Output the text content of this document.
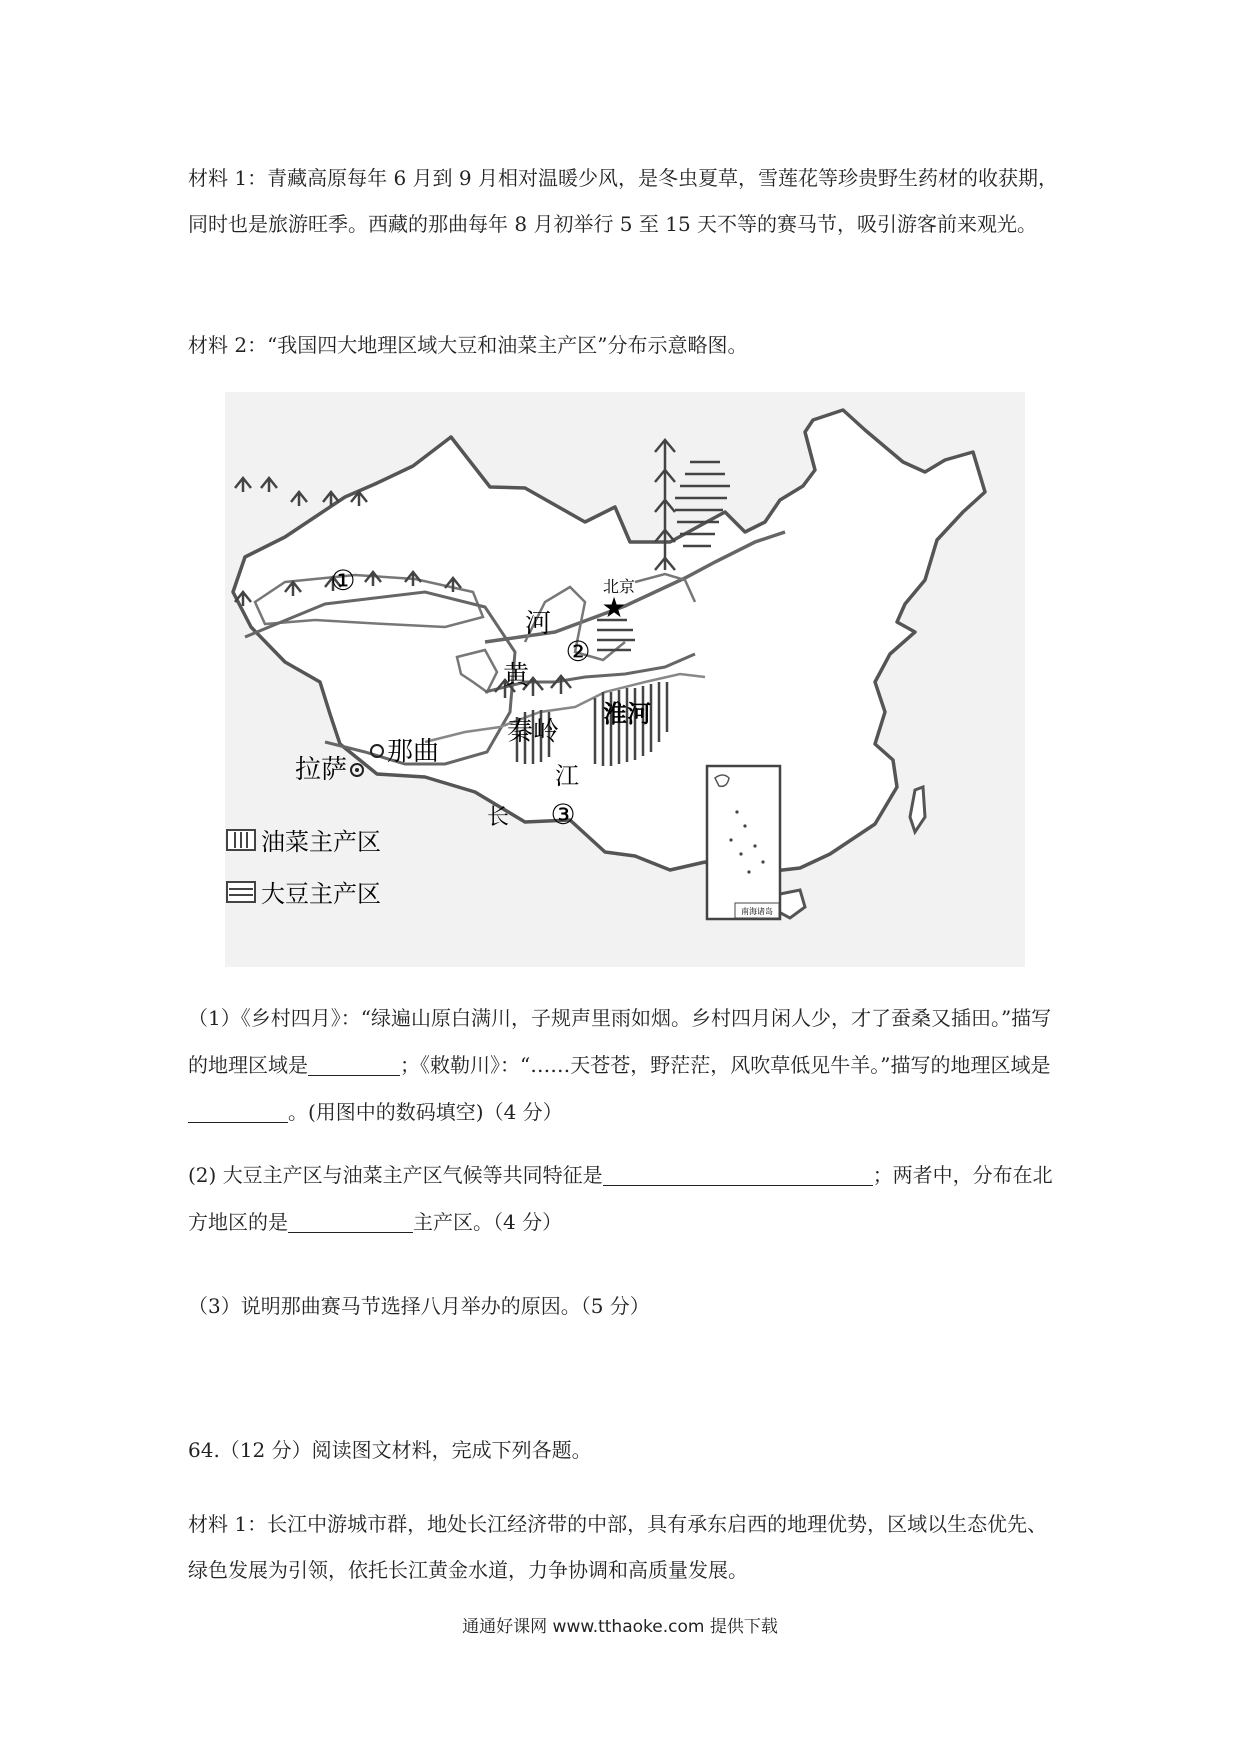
材料 1：青藏高原每年 6 月到 9 月相对温暖少风，是冬虫夏草，雪莲花等珍贵野生药材的收获期，同时也是旅游旺季。西藏的那曲每年 8 月初举行 5 至 15 天不等的赛马节，吸引游客前来观光。

材料 2：“我国四大地理区域大豆和油菜主产区”分布示意略图。

①
②
③
★
北京
河
黄
淮河
秦岭
江
长
拉萨
那曲
油菜主产区
大豆主产区
南海诸岛

（1）《乡村四月》：“绿遍山原白满川，子规声里雨如烟。乡村四月闲人少，才了蚕桑又插田。”描写的地理区域是	；《敕勒川》：“……天苍苍，野茫茫，风吹草低见牛羊。”描写的地理区域是。(用图中的数码填空)（4 分）

(2) 大豆主产区与油菜主产区气候等共同特征是	；两者中，分布在北方地区的是	主产区。（4 分）

（3）说明那曲赛马节选择八月举办的原因。（5 分）

64.（12 分）阅读图文材料，完成下列各题。

材料 1：长江中游城市群，地处长江经济带的中部，具有承东启西的地理优势，区域以生态优先、绿色发展为引领，依托长江黄金水道，力争协调和高质量发展。

通通好课网 www.tthaoke.com 提供下载
